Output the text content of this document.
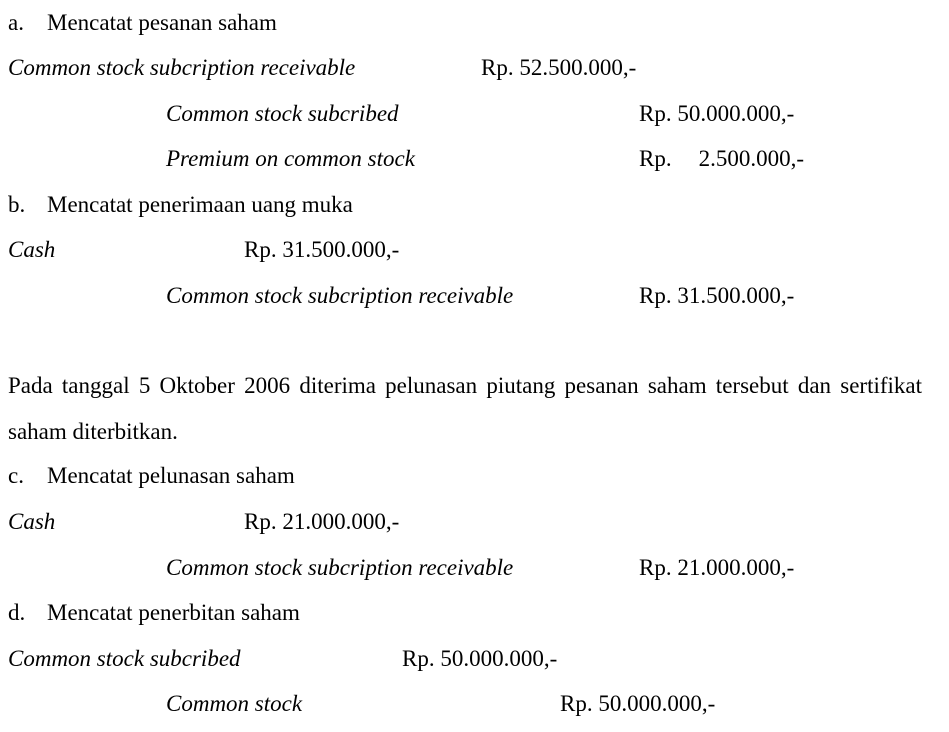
a. Mencatat pesanan saham
Common stock subcription receivable	Rp. 52.500.000,-
Common stock subcribed	Rp. 50.000.000,-
Premium on common stock	Rp. 2.500.000,-
b. Mencatat penerimaan uang muka
Cash	Rp. 31.500.000,-
Common stock subcription receivable	Rp. 31.500.000,-
Pada tanggal 5 Oktober 2006 diterima pelunasan piutang pesanan saham tersebut dan sertifikat saham diterbitkan.
c. Mencatat pelunasan saham
Cash	Rp. 21.000.000,-
Common stock subcription receivable	Rp. 21.000.000,-
d. Mencatat penerbitan saham
Common stock subcribed	Rp. 50.000.000,-
Common stock	Rp. 50.000.000,-
